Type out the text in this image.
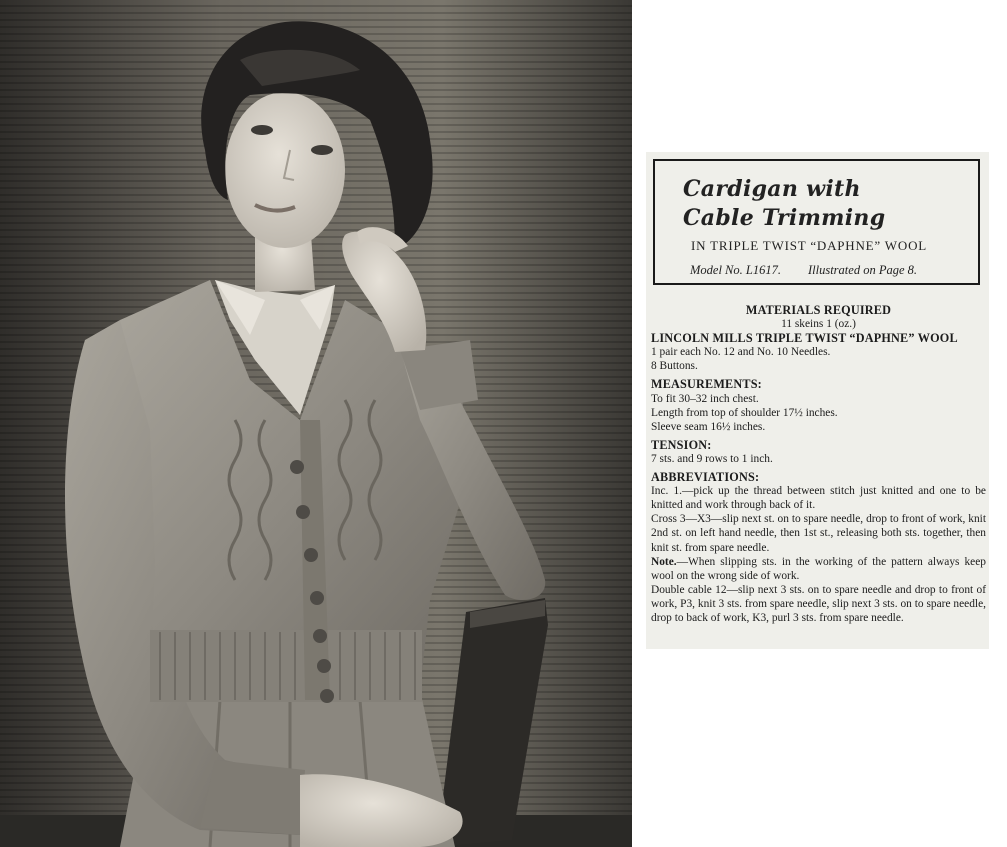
Cardigan with Cable Trimming

IN TRIPLE TWIST “DAPHNE” WOOL

Model No. L1617. Illustrated on Page 8.

MATERIALS REQUIRED
11 skeins 1 (oz.)
LINCOLN MILLS TRIPLE TWIST “DAPHNE” WOOL
1 pair each No. 12 and No. 10 Needles.
8 Buttons.
MEASUREMENTS:
To fit 30–32 inch chest.
Length from top of shoulder 17½ inches.
Sleeve seam 16½ inches.
TENSION:
7 sts. and 9 rows to 1 inch.
ABBREVIATIONS:
Inc. 1.—pick up the thread between stitch just knitted and one to be knitted and work through back of it.
Cross 3—X3—slip next st. on to spare needle, drop to front of work, knit 2nd st. on left hand needle, then 1st st., releasing both sts. together, then knit st. from spare needle.
Note.—When slipping sts. in the working of the pattern always keep wool on the wrong side of work.
Double cable 12—slip next 3 sts. on to spare needle and drop to front of work, P3, knit 3 sts. from spare needle, slip next 3 sts. on to spare needle, drop to back of work, K3, purl 3 sts. from spare needle.
